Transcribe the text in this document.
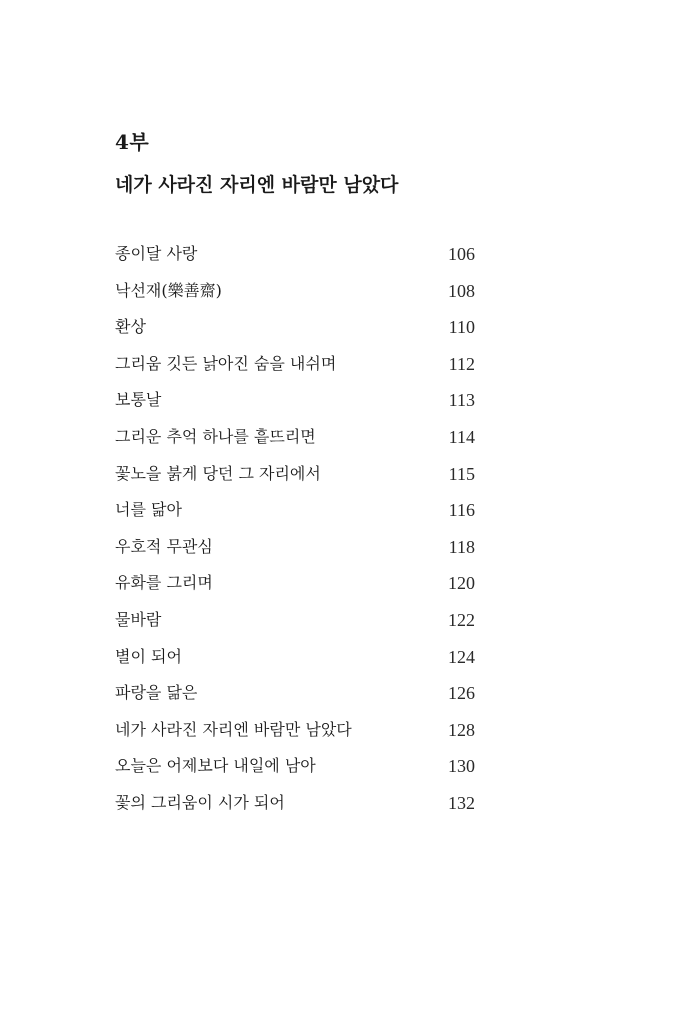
4부
네가 사라진 자리엔 바람만 남았다
종이달 사랑	106
낙선재(樂善齋)	108
환상	110
그리움 깃든 낡아진 숨을 내쉬며	112
보통날	113
그리운 추억 하나를 흩뜨리면	114
꽃노을 붉게 당던 그 자리에서	115
너를 닮아	116
우호적 무관심	118
유화를 그리며	120
물바람	122
별이 되어	124
파랑을 닮은	126
네가 사라진 자리엔 바람만 남았다	128
오늘은 어제보다 내일에 남아	130
꽃의 그리움이 시가 되어	132
